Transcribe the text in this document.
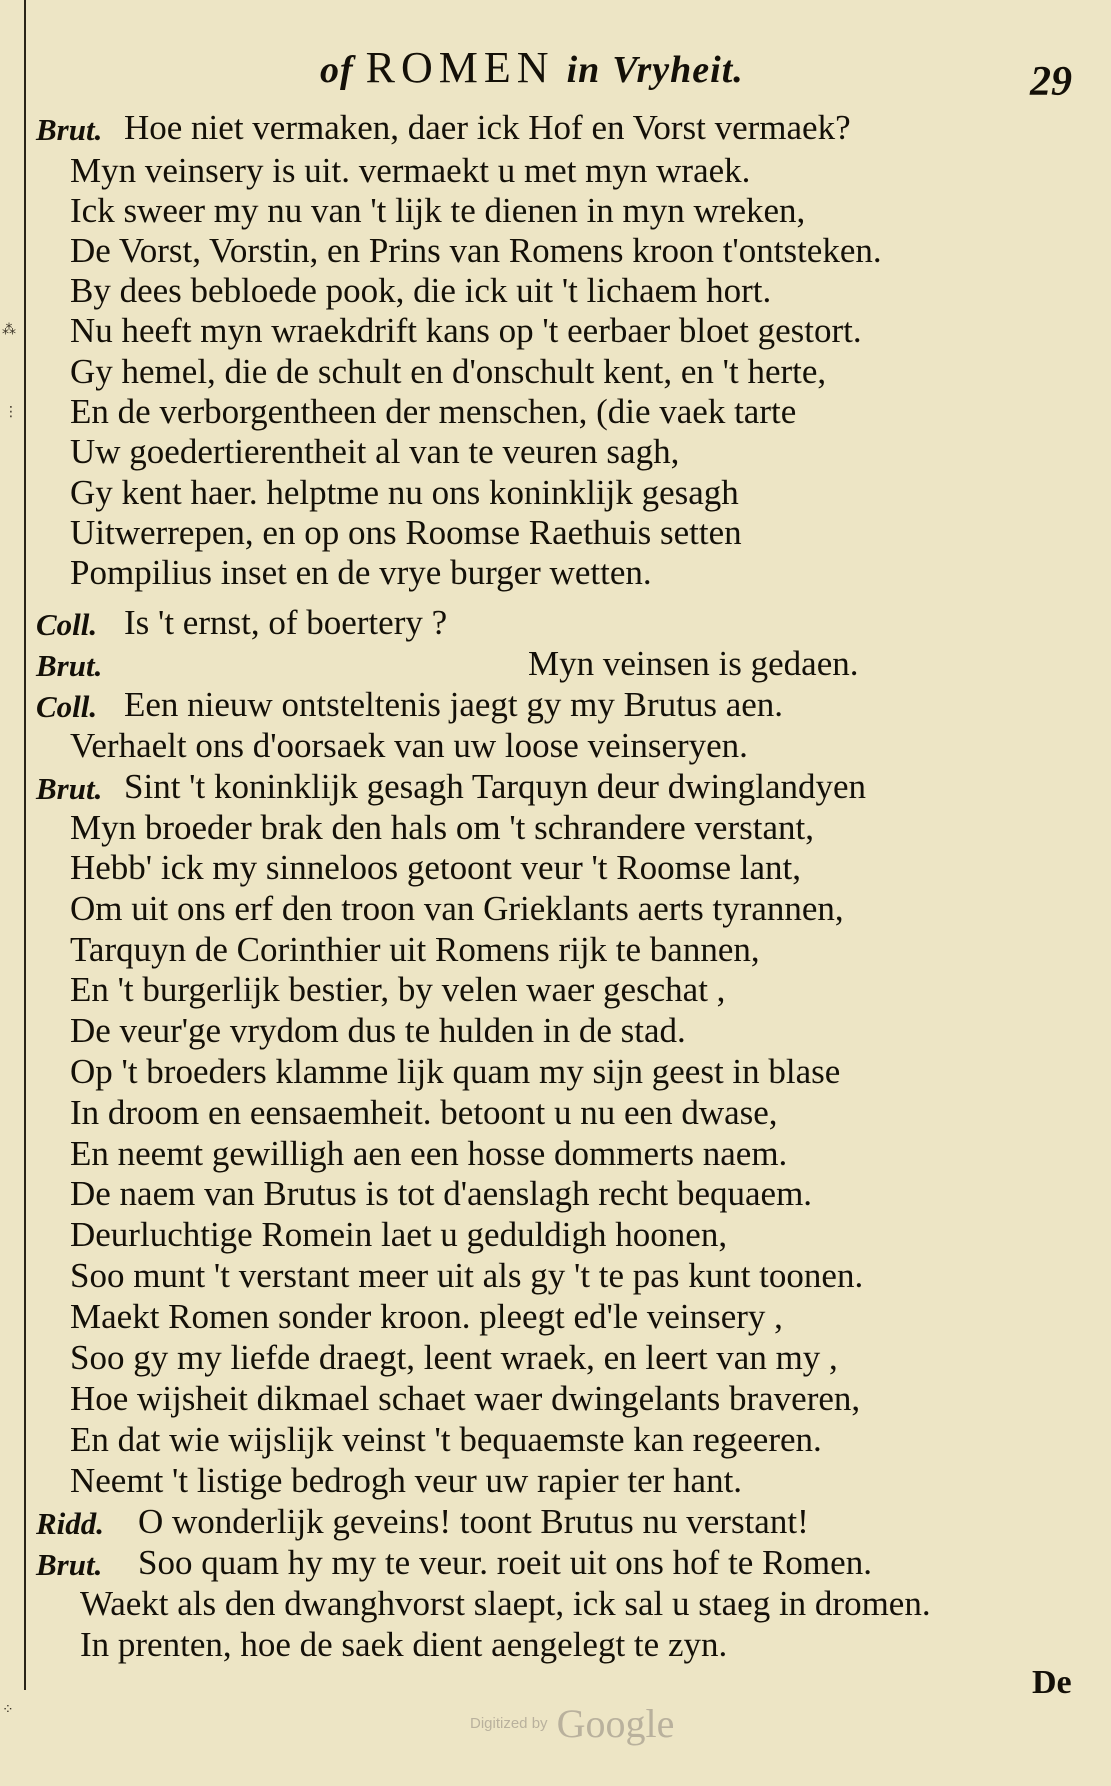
of ROMEN in Vryheit.	29
⁂
⋮
⁘
Brut. Hoe niet vermaken, daer ick Hof en Vorst vermaek?
Myn veinsery is uit. vermaekt u met myn wraek.
Ick sweer my nu van 't lijk te dienen in myn wreken,
De Vorst, Vorstin, en Prins van Romens kroon t'ontsteken.
By dees bebloede pook, die ick uit 't lichaem hort.
Nu heeft myn wraekdrift kans op 't eerbaer bloet gestort.
Gy hemel, die de schult en d'onschult kent, en 't herte,
En de verborgentheen der menschen, (die vaek tarte
Uw goedertierentheit al van te veuren sagh,
Gy kent haer. helptme nu ons koninklijk gesagh
Uitwerrepen, en op ons Roomse Raethuis setten
Pompilius inset en de vrye burger wetten.
Coll. Is 't ernst, of boertery ?
Brut.	Myn veinsen is gedaen.
Coll. Een nieuw ontsteltenis jaegt gy my Brutus aen.
Verhaelt ons d'oorsaek van uw loose veinseryen.
Brut. Sint 't koninklijk gesagh Tarquyn deur dwinglandyen
Myn broeder brak den hals om 't schrandere verstant,
Hebb' ick my sinneloos getoont veur 't Roomse lant,
Om uit ons erf den troon van Grieklants aerts tyrannen,
Tarquyn de Corinthier uit Romens rijk te bannen,
En 't burgerlijk bestier, by velen waer geschat ,
De veur'ge vrydom dus te hulden in de stad.
Op 't broeders klamme lijk quam my sijn geest in blase
In droom en eensaemheit. betoont u nu een dwase,
En neemt gewilligh aen een hosse dommerts naem.
De naem van Brutus is tot d'aenslagh recht bequaem.
Deurluchtige Romein laet u geduldigh hoonen,
Soo munt 't verstant meer uit als gy 't te pas kunt toonen.
Maekt Romen sonder kroon. pleegt ed'le veinsery ,
Soo gy my liefde draegt, leent wraek, en leert van my ,
Hoe wijsheit dikmael schaet waer dwingelants braveren,
En dat wie wijslijk veinst 't bequaemste kan regeeren.
Neemt 't listige bedrogh veur uw rapier ter hant.
Ridd. O wonderlijk geveins! toont Brutus nu verstant!
Brut. Soo quam hy my te veur. roeit uit ons hof te Romen.
Waekt als den dwanghvorst slaept, ick sal u staeg in dromen.
In prenten, hoe de saek dient aengelegt te zyn.
De
Digitized by Google
